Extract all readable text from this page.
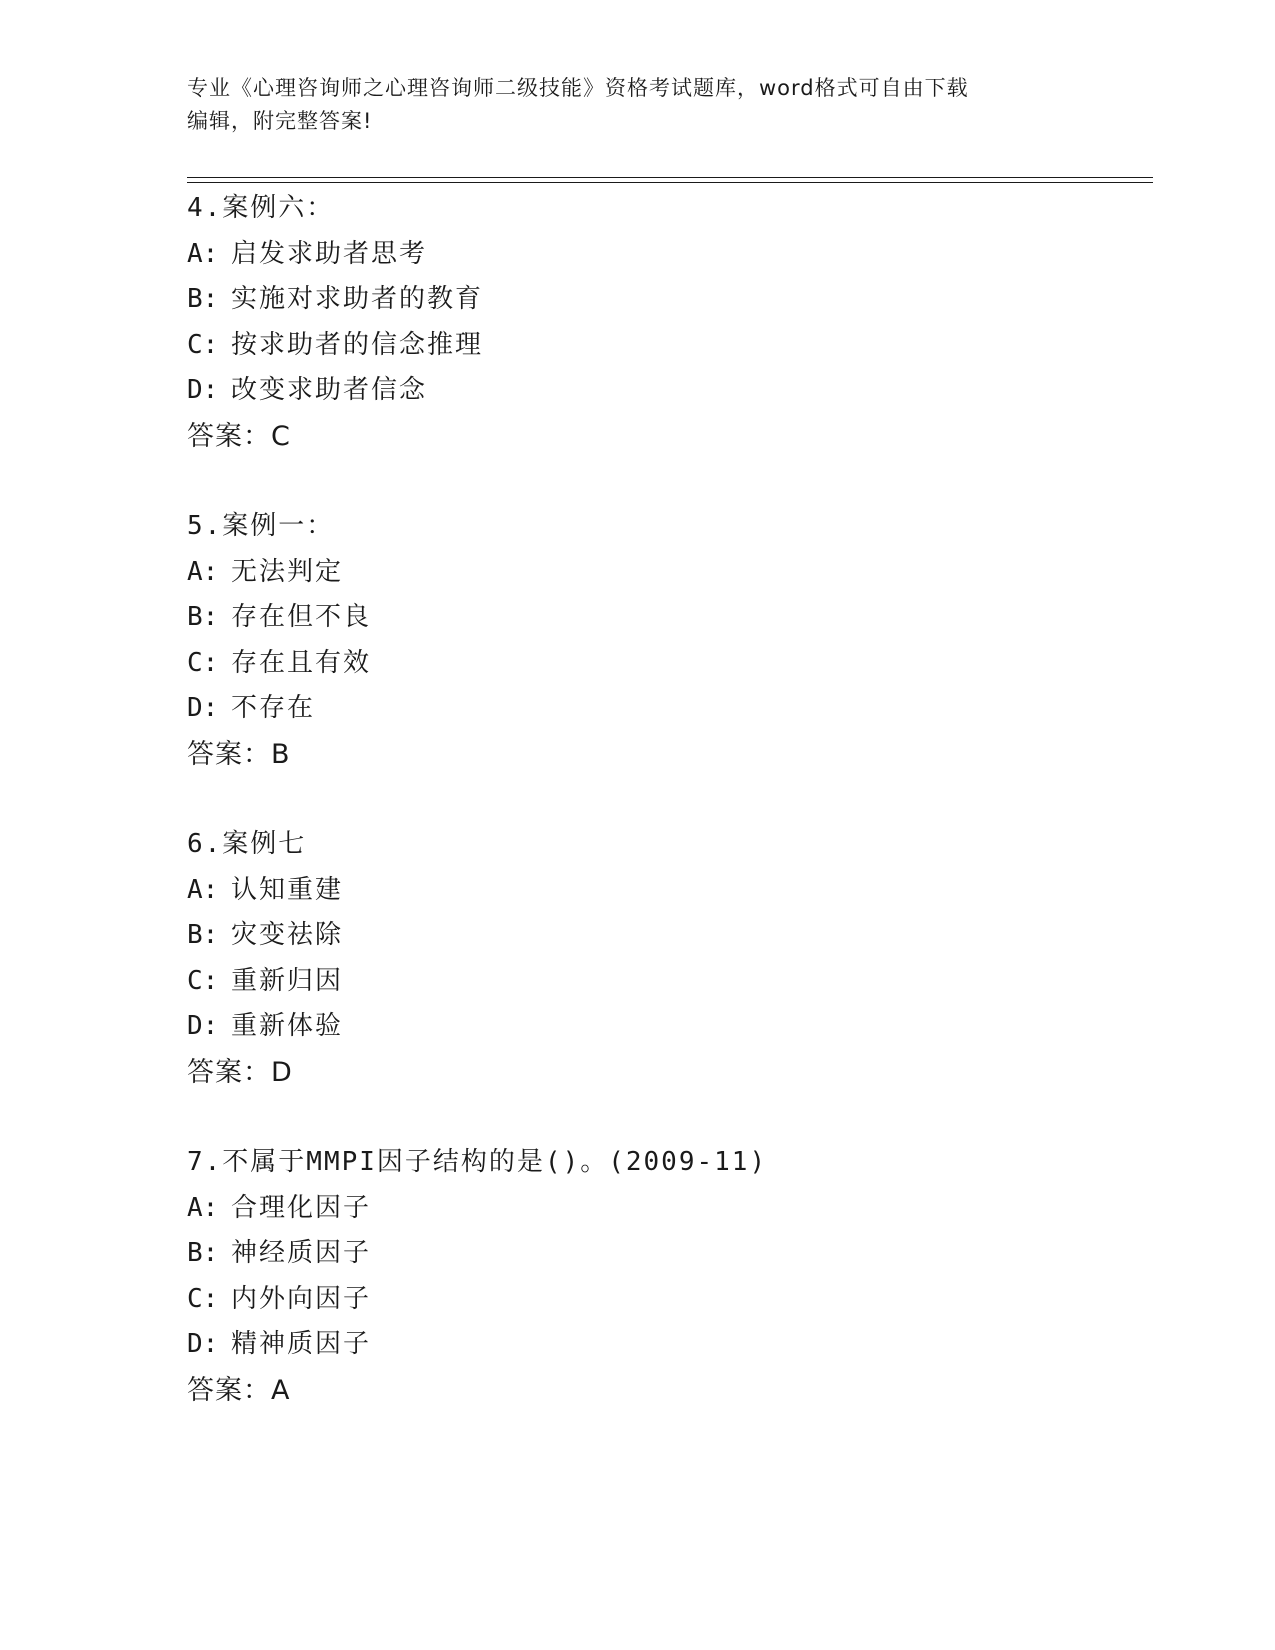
专业《心理咨询师之心理咨询师二级技能》资格考试题库，word格式可自由下载
编辑，附完整答案!
4.案例六：
A: 启发求助者思考
B: 实施对求助者的教育
C: 按求助者的信念推理
D: 改变求助者信念
答案：C
5.案例一：
A: 无法判定
B: 存在但不良
C: 存在且有效
D: 不存在
答案：B
6.案例七
A: 认知重建
B: 灾变祛除
C: 重新归因
D: 重新体验
答案：D
7.不属于MMPI因子结构的是()。(2009-11)
A: 合理化因子
B: 神经质因子
C: 内外向因子
D: 精神质因子
答案：A
